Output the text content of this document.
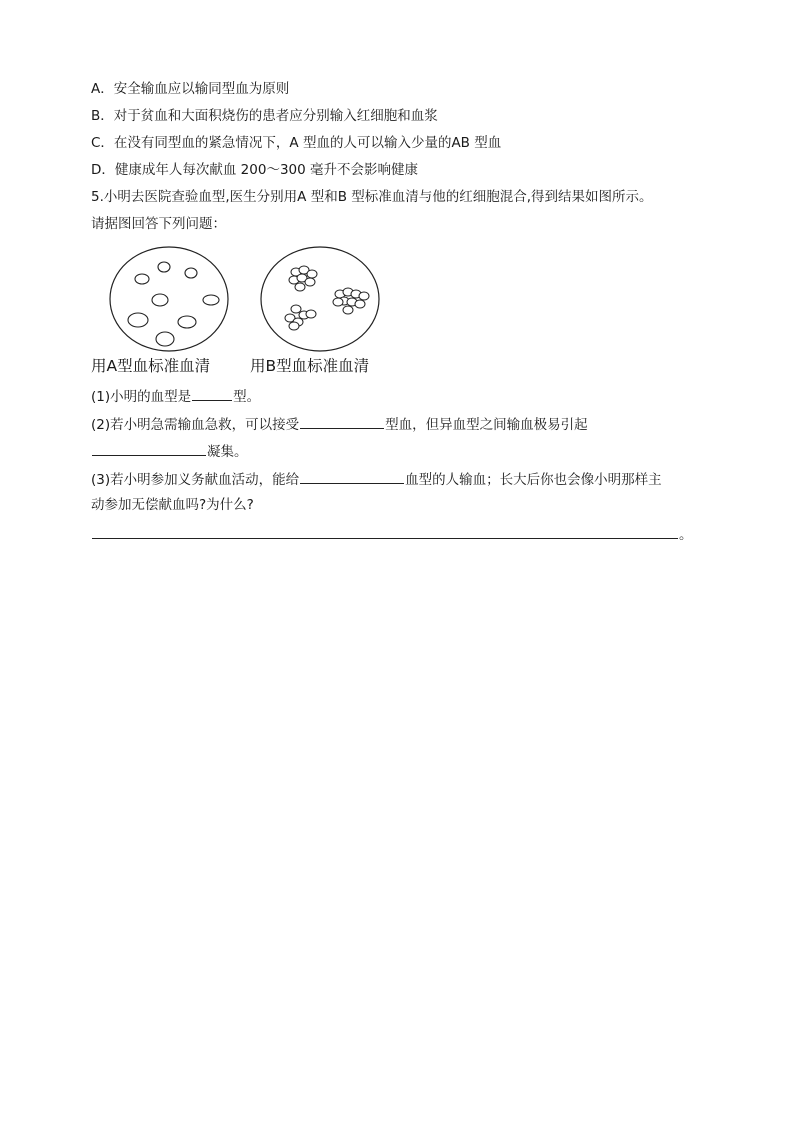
A．安全输血应以输同型血为原则
B．对于贫血和大面积烧伤的患者应分别输入红细胞和血浆
C．在没有同型血的紧急情况下，A 型血的人可以输入少量的AB 型血
D．健康成年人每次献血 200～300 毫升不会影响健康
5.小明去医院查验血型,医生分别用A 型和B 型标准血清与他的红细胞混合,得到结果如图所示。
请据图回答下列问题：
用A型血标准血清	用B型血标准血清
(1)小明的血型是	型。
(2)若小明急需输血急救，可以接受	型血，但异血型之间输血极易引起
凝集。
(3)若小明参加义务献血活动，能给	血型的人输血；长大后你也会像小明那样主
动参加无偿献血吗?为什么?
。
